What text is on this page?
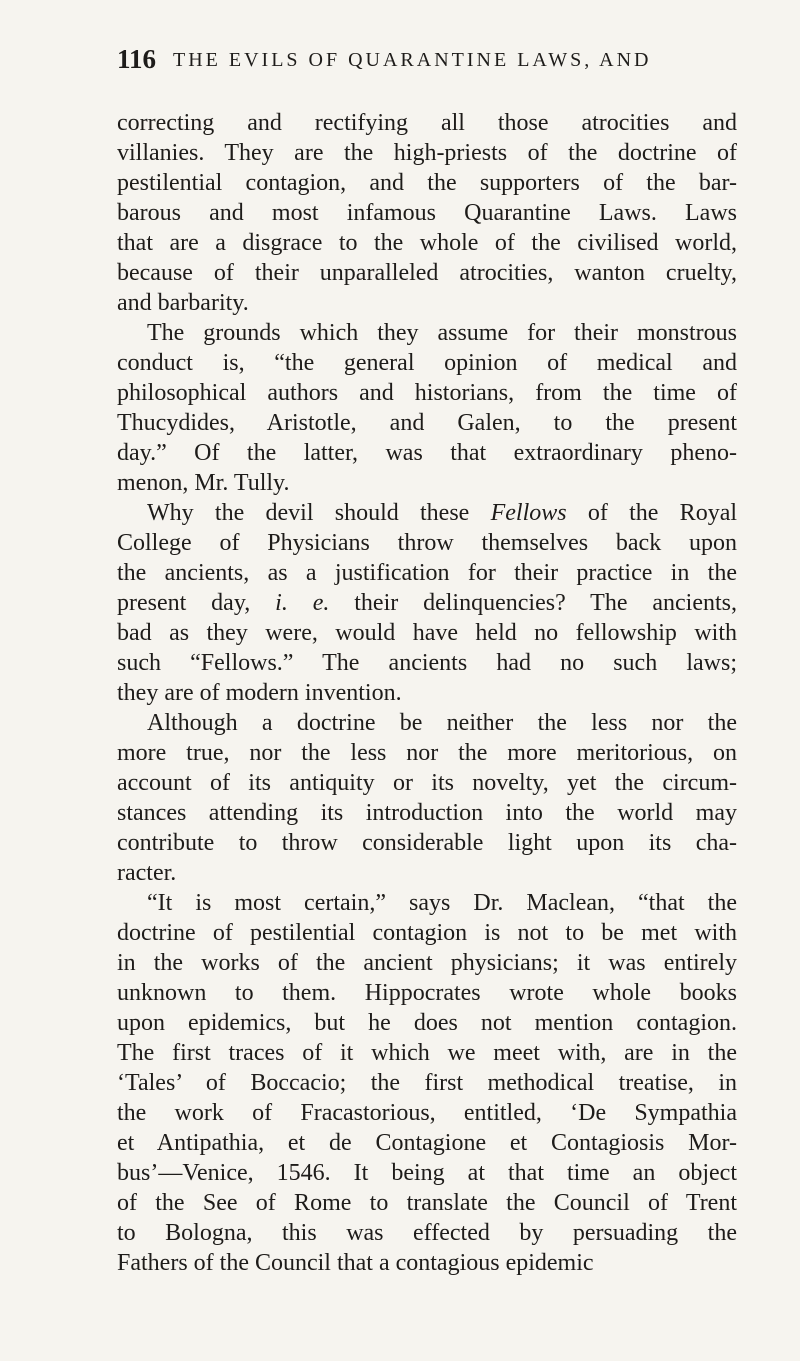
116 THE EVILS OF QUARANTINE LAWS, AND
correcting and rectifying all those atrocities and
villanies. They are the high-priests of the doctrine of
pestilential contagion, and the supporters of the bar-
barous and most infamous Quarantine Laws. Laws
that are a disgrace to the whole of the civilised world,
because of their unparalleled atrocities, wanton cruelty,
and barbarity.
The grounds which they assume for their monstrous
conduct is, “the general opinion of medical and
philosophical authors and historians, from the time of
Thucydides, Aristotle, and Galen, to the present
day.” Of the latter, was that extraordinary pheno-
menon, Mr. Tully.
Why the devil should these Fellows of the Royal
College of Physicians throw themselves back upon
the ancients, as a justification for their practice in the
present day, i. e. their delinquencies? The ancients,
bad as they were, would have held no fellowship with
such “Fellows.” The ancients had no such laws;
they are of modern invention.
Although a doctrine be neither the less nor the
more true, nor the less nor the more meritorious, on
account of its antiquity or its novelty, yet the circum-
stances attending its introduction into the world may
contribute to throw considerable light upon its cha-
racter.
“It is most certain,” says Dr. Maclean, “that the
doctrine of pestilential contagion is not to be met with
in the works of the ancient physicians; it was entirely
unknown to them. Hippocrates wrote whole books
upon epidemics, but he does not mention contagion.
The first traces of it which we meet with, are in the
‘Tales’ of Boccacio; the first methodical treatise, in
the work of Fracastorious, entitled, ‘De Sympathia
et Antipathia, et de Contagione et Contagiosis Mor-
bus’—Venice, 1546. It being at that time an object
of the See of Rome to translate the Council of Trent
to Bologna, this was effected by persuading the
Fathers of the Council that a contagious epidemic
